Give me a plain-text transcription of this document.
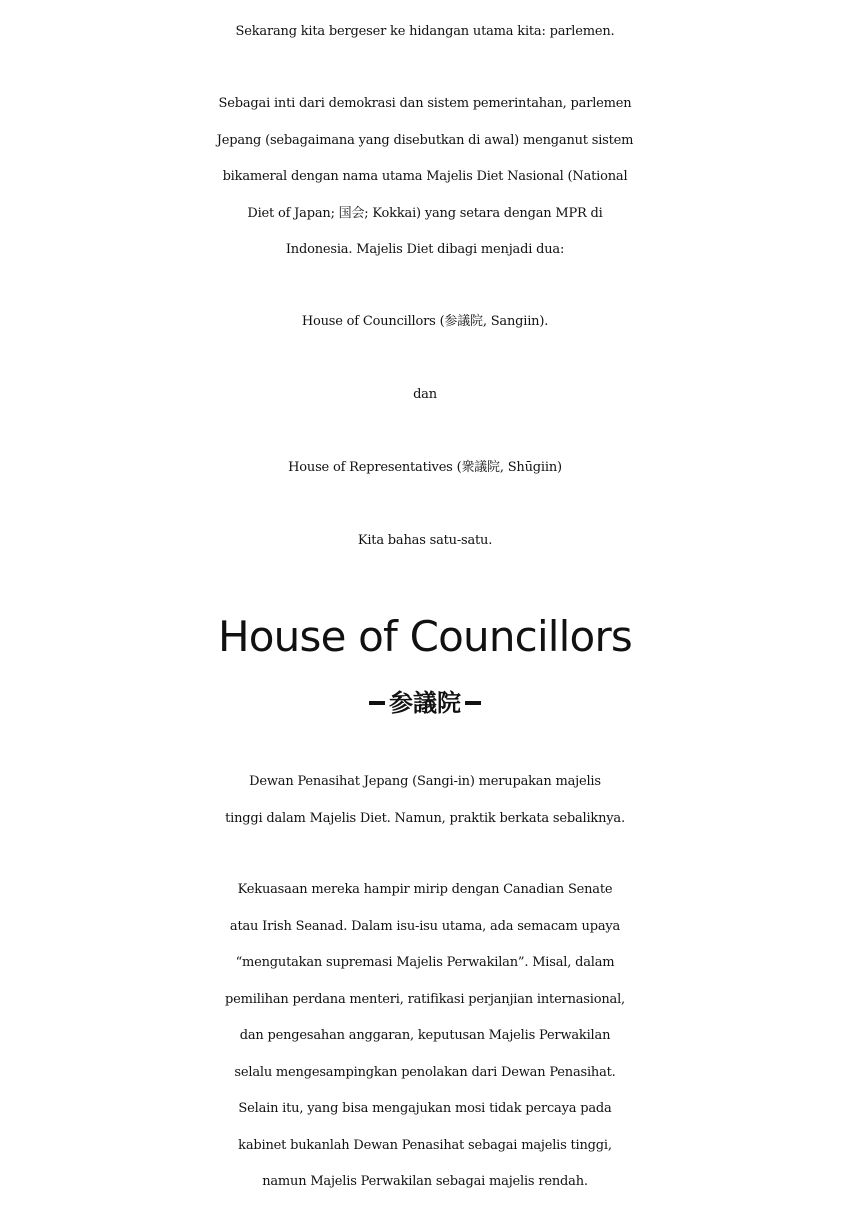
Sekarang kita bergeser ke hidangan utama kita: parlemen.
Sebagai inti dari demokrasi dan sistem pemerintahan, parlemen
Jepang (sebagaimana yang disebutkan di awal) menganut sistem
bikameral dengan nama utama Majelis Diet Nasional (National
Diet of Japan; 国会; Kokkai) yang setara dengan MPR di
Indonesia. Majelis Diet dibagi menjadi dua:
House of Councillors (参議院, Sangiin).
dan
House of Representatives (衆議院, Shūgiin)
Kita bahas satu-satu.
House of Councillors
参議院
Dewan Penasihat Jepang (Sangi-in) merupakan majelis
tinggi dalam Majelis Diet. Namun, praktik berkata sebaliknya.
Kekuasaan mereka hampir mirip dengan Canadian Senate
atau Irish Seanad. Dalam isu-isu utama, ada semacam upaya
“mengutakan supremasi Majelis Perwakilan”. Misal, dalam
pemilihan perdana menteri, ratifikasi perjanjian internasional,
dan pengesahan anggaran, keputusan Majelis Perwakilan
selalu mengesampingkan penolakan dari Dewan Penasihat.
Selain itu, yang bisa mengajukan mosi tidak percaya pada
kabinet bukanlah Dewan Penasihat sebagai majelis tinggi,
namun Majelis Perwakilan sebagai majelis rendah.
